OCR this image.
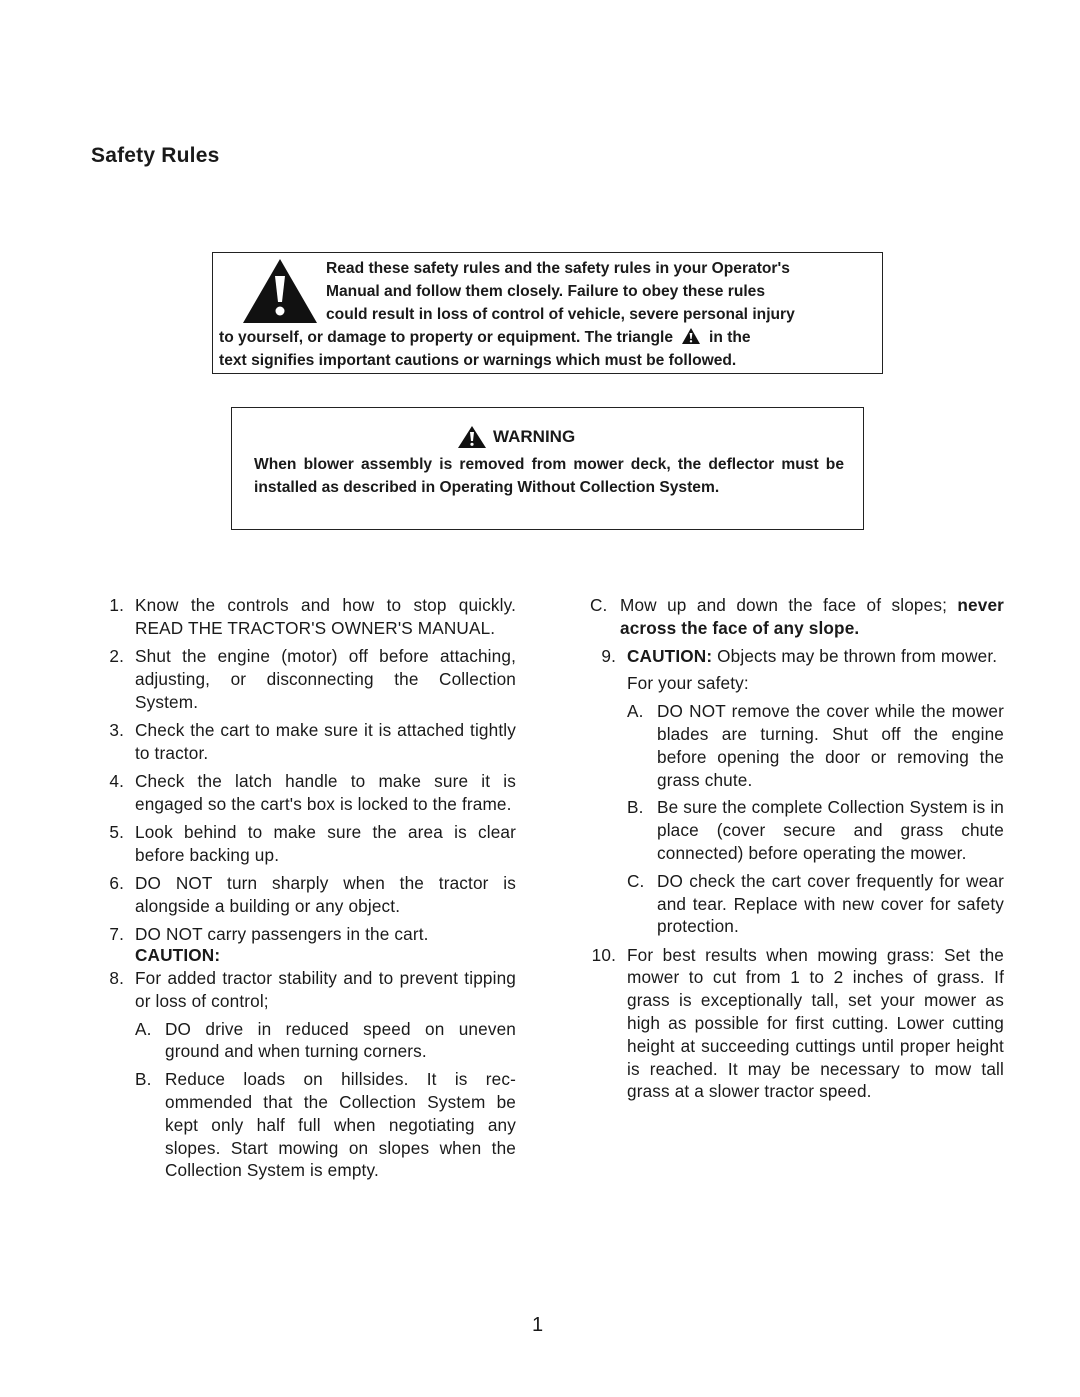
Safety Rules
Read these safety rules and the safety rules in your Operator's
Manual and follow them closely. Failure to obey these rules
could result in loss of control of vehicle, severe personal injury
to yourself, or damage to property or equipment. The triangle in the
text signifies important cautions or warnings which must be followed.
WARNING
When blower assembly is removed from mower deck, the deflector must be installed as described in Operating Without Collection System.
1. Know the controls and how to stop quickly. READ THE TRACTOR'S OWNER'S MANUAL.
2. Shut the engine (motor) off before attaching, adjusting, or disconnecting the Collection System.
3. Check the cart to make sure it is attached tightly to tractor.
4. Check the latch handle to make sure it is engaged so the cart's box is locked to the frame.
5. Look behind to make sure the area is clear before backing up.
6. DO NOT turn sharply when the tractor is alongside a building or any object.
7. DO NOT carry passengers in the cart.
CAUTION:
8. For added tractor stability and to prevent tipping or loss of control;
A. DO drive in reduced speed on uneven ground and when turning corners.
B. Reduce loads on hillsides. It is rec-ommended that the Collection System be kept only half full when negotiating any slopes. Start mowing on slopes when the Collection System is empty.
C. Mow up and down the face of slopes; never across the face of any slope.
9. CAUTION: Objects may be thrown from mower.
For your safety:
A. DO NOT remove the cover while the mower blades are turning. Shut off the engine before opening the door or removing the grass chute.
B. Be sure the complete Collection System is in place (cover secure and grass chute connected) before operating the mower.
C. DO check the cart cover frequently for wear and tear. Replace with new cover for safety protection.
10. For best results when mowing grass: Set the mower to cut from 1 to 2 inches of grass. If grass is exceptionally tall, set your mower as high as possible for first cutting. Lower cutting height at succeeding cuttings until proper height is reached. It may be necessary to mow tall grass at a slower tractor speed.
1
